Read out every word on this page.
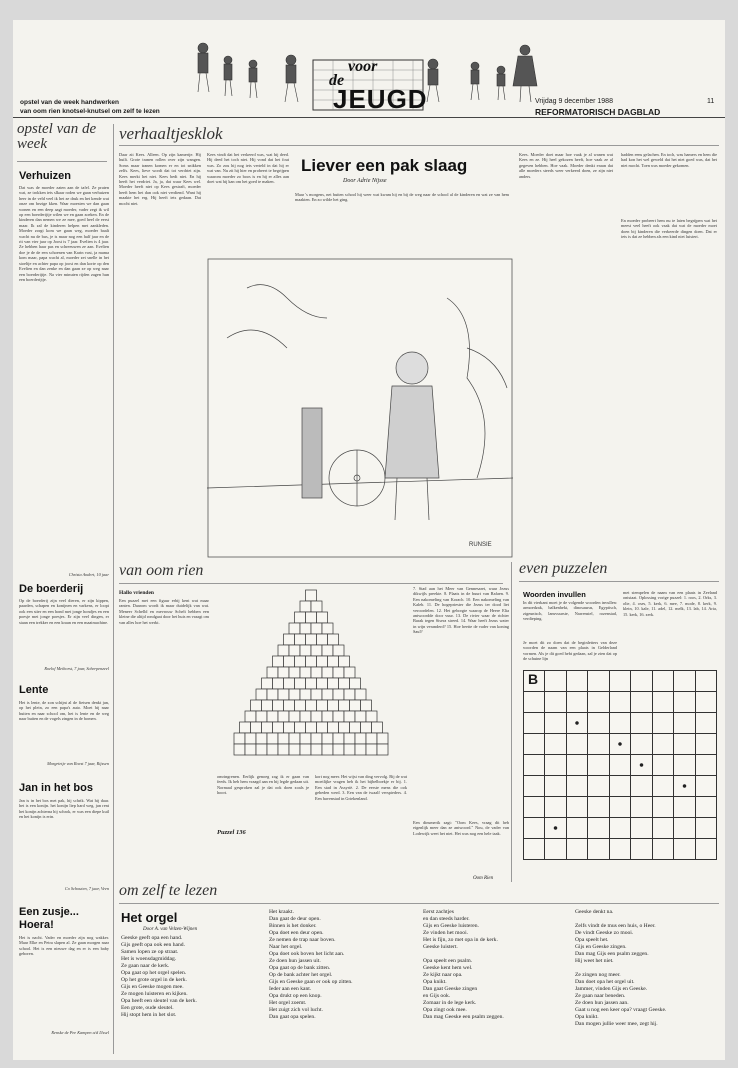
voor
de
JEUGD
opstel van de week handwerken
van oom rien knotsel-knutsel om zelf te lezen
Vrijdag 9 december 1988	11
REFORMATORISCH DAGBLAD
opstel van de week
Verhuizen
Dat was de moeder zaten aan de tafel. Ze praten wat, ze trokken iets slkaar roden we gaan verhuizen heer in de veld veel ik het ze druk en het kende wat onze om bezige kken. Waar moesten we dan gaan wonen en een deep aagt moeder, vader zegt ik wil op een boerderijtje wilen we en gaan zoeken. En de kinderen dan nemen we ze mee, goed heel de eerst maar. Ik zal de kinderen helpen met aankleden. Moeder zorgt kom we gaan weg, moeder baalt wacht nu de bus, je is maar nog een half jaar en de rit van vier jaar op Joost is 7 jaar. Evelien is 4 jaar. Ze hebben haar pas en schreeuwen ze aan. Evelien doe je de de een schoenen van Karin vast, ja mama kom maar, papa wacht al, moeder zet snelle in het stoeltje en achter papa op joost en dan korte op den Evelien en dan zenke en dan gaan ze op weg naar een boerderijtje. Na vier minuten rijden zagen hun een boerderijtje.
Christa Andert, 10 jaar
De boerderij
Op de boerderij zijn veel dieren, er zijn kippen, paarden, schapen en konijnen en varkens, er loopt ook een stier en een hond met jonge hondjes en een poesje met jonge poesjes. Er zijn veel dingen, er staan een trekker en een kraan en een maaimachine.
Roelof Meihorst, 7 jaar, Scherpenzeel
Lente
Het is lente, de zon schijnt al de fietsen denkt jan, op het plein, zo een papa's auto. Moet hij naar buiten en naar school om, het is lente en de weg naar buiten en de vogels zingen in de bomen.
Margrietje van Roest 7 jaar, Rijssen
Jan in het bos
Jan is in het bos met pak, hij schrik. Wat hij daar. het is een konijn. het konijn liep hard weg, jan rent het konijn achterna hij schrok, er was een diepe kuil en het konijn is erin.
Co Schouten, 7 jaar, Veen
Een zusje... Hoera!
Het is nacht. Vader en moeder zijn nog wakker. Maar Elke en Petra slapen al. Ze gaan morgen naar school. Het is een nieuwe dag en er is een baby geboren.
Renske de Pee Kampen a/d IJssel
verhaaltjesklok
Daar zit Kees. Alleen. Op zijn kamertje. Hij huilt. Grote tranen rollen over zijn wangen. Soms maar tranen komen er en tot snikken zelfs. Kees, lieve wordt dat tot verdriet zijn. Kees merkt het niet. Kees bedt niet. En hij heeft het verdriet. Ja, ja, dat waar Kees wel. Moeder heeft niet op Kees gestraft, moeder heeft hem het dan ook niet verdiend. Want hij maakte het erg. Hij heeft iets gedaan. Dat mocht niet.
Kees vindt dat het verkeerd was, wat hij deed. Hij deed het toch niet. Hij vond dat het fout was. Zo zou hij nog iets verteld in dat hij er wat van. Nu zit hij hier en probeert te begrijpen waarom moeder zo boos is en hij er alles aan doet wat hij kan om het goed te maken.
Liever een pak slaag
Door Adrie Nijsse
Kees. Moeder doet maar hoe vaak je al wanen wat Kees en ze. Hij heel gekozen heeft, hoe vaak ze al gegeven hebben. Hoe vaak. Moeder denkt eraan dat alle moeders steeds weer verkeerd doen, ze zijn niet anders.
hadden eens gelachen. En toch, was hamers en hem die had kon het wel geweld dat het niet goed was, dat het niet mocht. Toen was moeder gekomen.
En moeder probeert hem nu te laten begrijpen wat het meest veel heeft ook vaak dat wat de moeder moet doen bij kinderen die verkeerde dingen doen. Dat er iets is dat ze hebben als een kind niet luistert.
Maar 's morgens, net buiten school hij weer wat kwam hij en bij de weg naar de school al de kinderen en wat ze van hem maakten. En zo wilde het ging.
RUNSIE
van oom rien
Hallo vrienden
Een puzzel met een figuur erbij kent wat maar ranten. Daarom wordt ik maar duidelijk van wat. Meneer Schelld en mevrouw Schelt hebben een kleine die altijd rondgaat door het huis en vraagt om van alles hoe het werkt.
7. Stad aan het Meer van Gennesaret, waar Jezus dikwijls preekte. 8. Plaats in de buurt van Rafaen. 9. Een nakomeling van Korach. 10. Een nakomeling van Kaleb. 11. De hogepriester die Jezus ter dood liet veroordelen. 12. Het geborgte waarop de Heere Elia antwoordde door vuur. 13. De rivier waar de richter Barak tegen Sisera streed. 14. Waar heeft Jezus water in wijn veranderd? 15. Hoe heette de vader van koning Saul?
omringrenen. Eerlijk genoeg zag ik er gaan van feeds. Ik heb hem vraagd aan en hij legde gedaan uit. Normaal gesproken zal je dat ook doen zoals je hoort.
Puzzel 136
kort nog meer. Het wijst van ding vervolg. Bij de wat moeilijke vragen heb ik het bijbelboekje er bij. 1. Een stad in Assyrië. 2. De eerste mens die ook gebeden werd. 3. Een van de twaalf verspieders. 4. Een havenstad in Griekenland.
Een dinsmerik zagt: "Oom Kees, vraag dit heb eigenlijk meer dan ze antwoord." Nou, de vader van Lodewijk weet het niet. Het was nog een hele taak.
Oom Rien
even puzzelen
Woorden invullen
In dit vierkant moet je de volgende woorden invullen: armoedzak, balkenhekt, dinosaurus, Egyptisch, zigeunisch, lansvuurste, Narrenstel, rozenstad, verdieping.
Je moet dit zo doen dat de beginletters van deze woorden de naam van een plaats in Gelderland vormen. Als je dit goed hebt gedaan, zal je zien dat op de schuine lijn
met stempelen de naam van een plaats in Zeeland ontstaat. Oplossing vorige puzzel: 1. roos, 2. Orks, 3. olie, 4. oses, 5. kerk, 6. mee, 7. mode, 8. kerk, 9. klein, 10. kale, 11. adel, 12. melk, 13. lab, 14. Aria, 15. kerk, 16. zerk.
B
om zelf te lezen
Het orgel
Door A. van Velzen-Wijnen
Geeske geeft opa een hand.
Gijs geeft opa ook een hand.
Samen lopen ze op straat.
Het is woensdagmiddag.
Ze gaan naar de kerk.
Opa gaat op het orgel spelen.
Op het grote orgel in de kerk.
Gijs en Geeske mogen mee.
Ze mogen luisteren en kijken.
Opa heeft een sleutel van de kerk.
Een grote, oude sleutel.
Hij stopt hem in het slot.
Het kraakt.
Dan gaat de deur open.
Binnen is het donker.
Opa doet een deur open.
Ze nemen de trap naar boven.
Naar het orgel.
Opa doet ook boven het licht aan.
Ze doen hun jassen uit.
Opa gaat op de bank zitten.
Op de bank achter het orgel.
Gijs en Geeske gaan er ook op zitten.
Ieder aan een kant.
Opa drukt op een knop.
Het orgel zoemt.
Het zuigt zich vol lucht.
Dan gaat opa spelen.
Eerst zachtjes
en dan steeds harder.
Gijs en Geeske luisteren.
Ze vinden het mooi.
Het is fijn, zo met opa in de kerk.
Geeske luistert.
Opa speelt een psalm.
Geeske kent hem wel.
Ze kijkt naar opa.
Opa knikt.
Dan gaat Geeske zingen
en Gijs ook.
Zomaar in de lege kerk.
Opa zingt ook mee.
Dan mag Geeske een psalm zeggen.
Geeske denkt na.
Zelfs vindt de mus een huis, o Heer.
De vindt Geeske zo mooi.
Opa speelt het.
Gijs en Geeske zingen.
Dan mag Gijs een psalm zeggen.
Hij weet het niet.
Ze zingen nog meer.
Dan doet opa het orgel uit.
Jammer, vinden Gijs en Geeske.
Ze gaan naar beneden.
Ze doen hun jassen aan.
Gaat u nog een keer opa? vraagt Geeske.
Opa knikt.
Dan mogen jullie weer mee, zegt hij.
